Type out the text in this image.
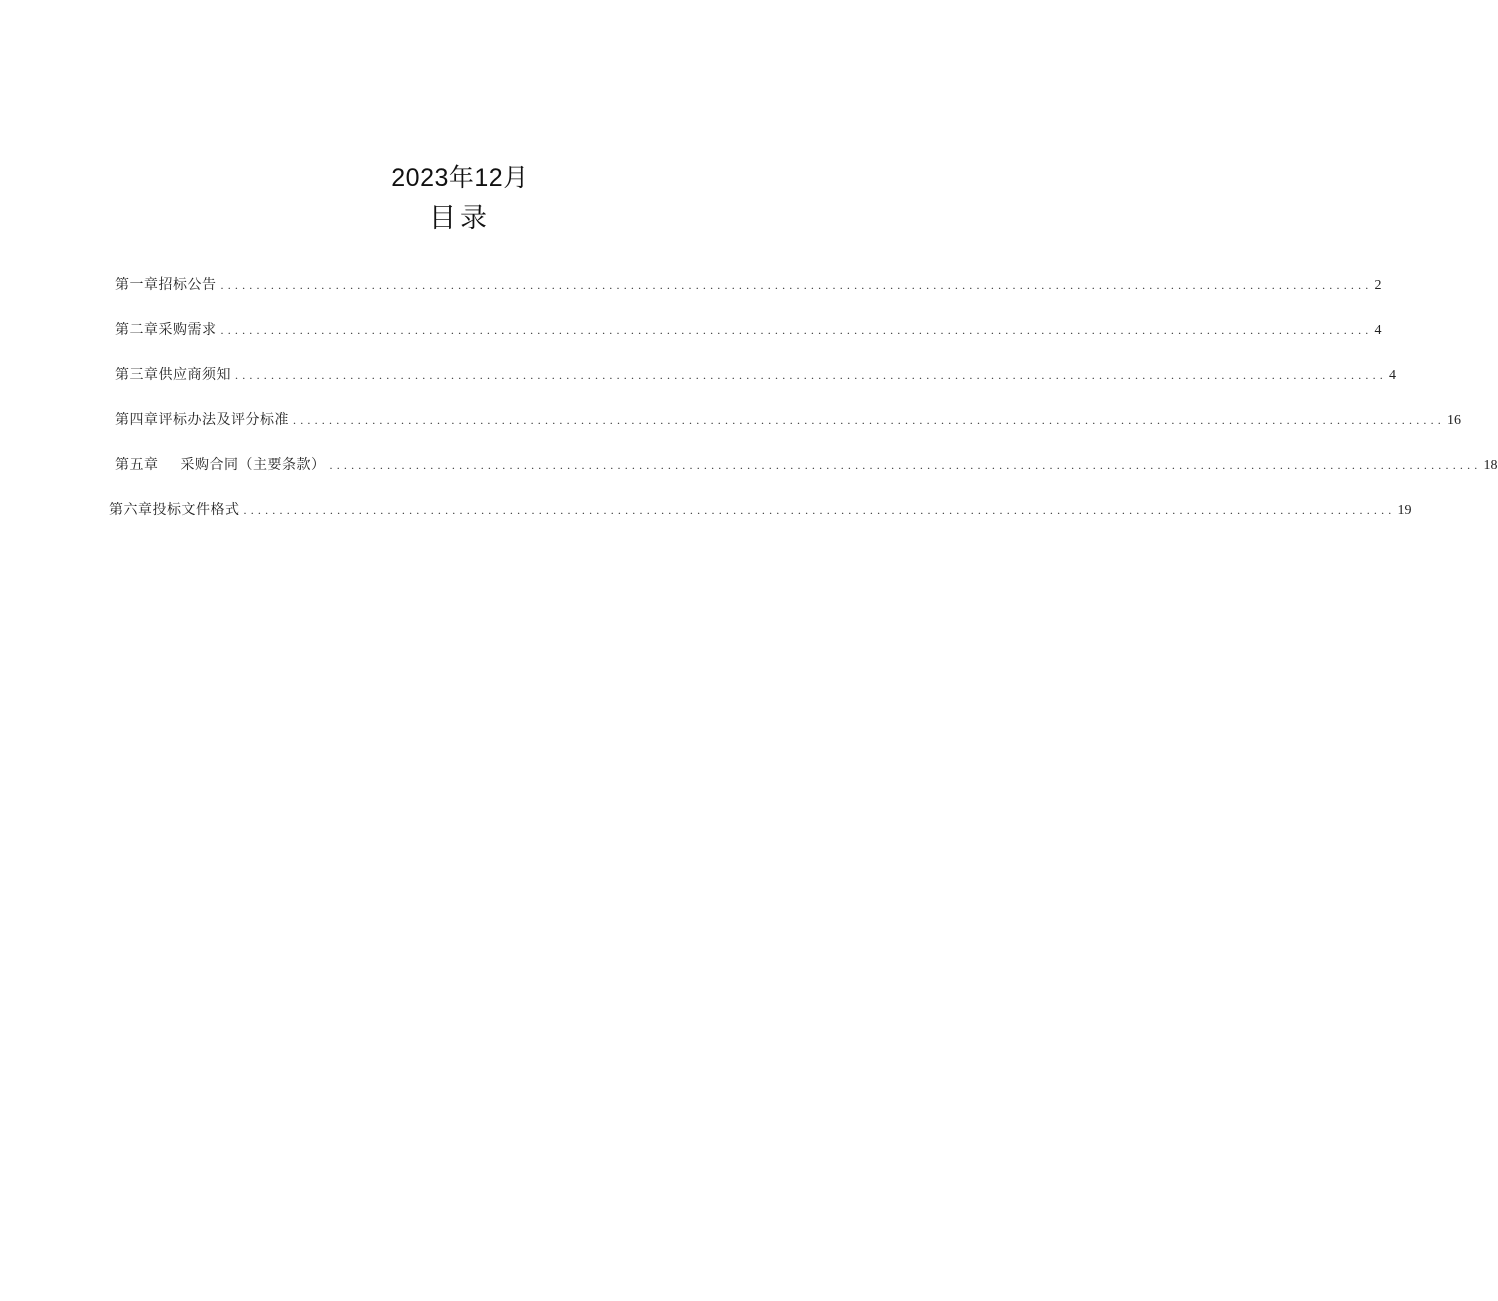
2023年12月
目录
第一章招标公告 ................................................................................................................................................................ 2
第二章采购需求 ................................................................................................................................................................ 4
第三章供应商须知 ................................................................................................................................................................ 4
第四章评标办法及评分标准 ................................................................................................................................................................ 16
第五章 采购合同（主要条款） ................................................................................................................................................................ 18
第六章投标文件格式 ................................................................................................................................................................ 19
